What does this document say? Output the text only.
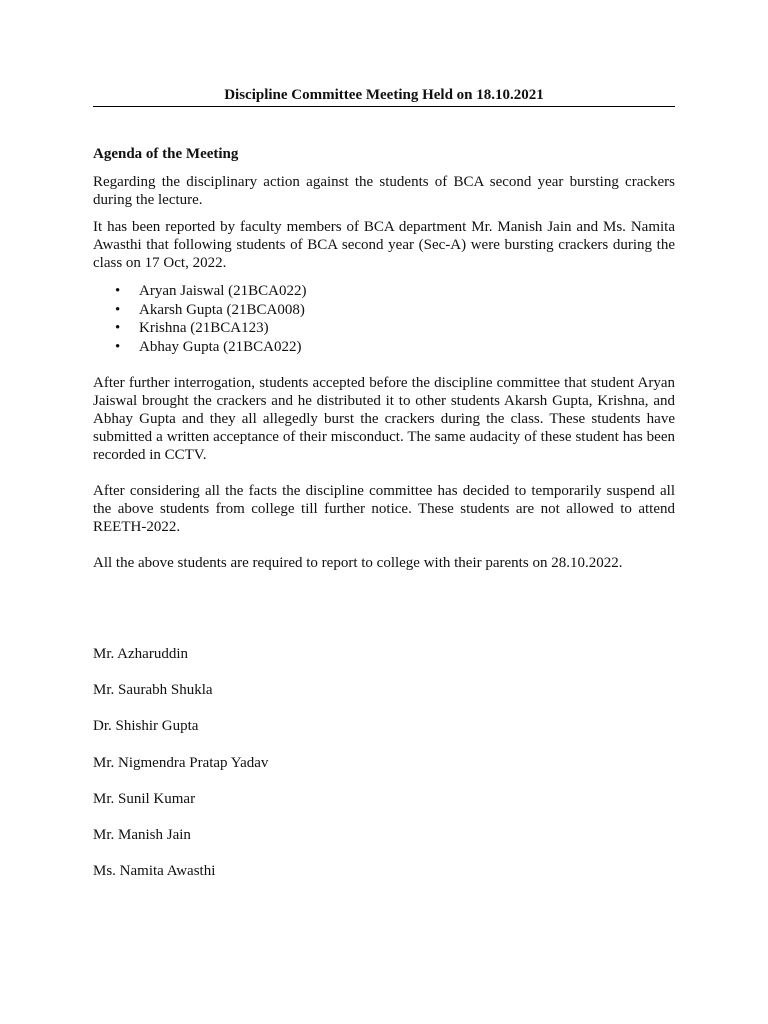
Discipline Committee Meeting Held on 18.10.2021
Agenda of the Meeting
Regarding the disciplinary action against the students of BCA second year bursting crackers during the lecture.
It has been reported by faculty members of BCA department Mr. Manish Jain and Ms. Namita Awasthi that following students of BCA second year (Sec-A) were bursting crackers during the class on 17 Oct, 2022.
• Aryan Jaiswal (21BCA022)
• Akarsh Gupta (21BCA008)
• Krishna (21BCA123)
• Abhay Gupta (21BCA022)
After further interrogation, students accepted before the discipline committee that student Aryan Jaiswal brought the crackers and he distributed it to other students Akarsh Gupta, Krishna, and Abhay Gupta and they all allegedly burst the crackers during the class. These students have submitted a written acceptance of their misconduct. The same audacity of these student has been recorded in CCTV.
After considering all the facts the discipline committee has decided to temporarily suspend all the above students from college till further notice. These students are not allowed to attend REETH-2022.
All the above students are required to report to college with their parents on 28.10.2022.
Mr. Azharuddin
Mr. Saurabh Shukla
Dr. Shishir Gupta
Mr. Nigmendra Pratap Yadav
Mr. Sunil Kumar
Mr. Manish Jain
Ms. Namita Awasthi
